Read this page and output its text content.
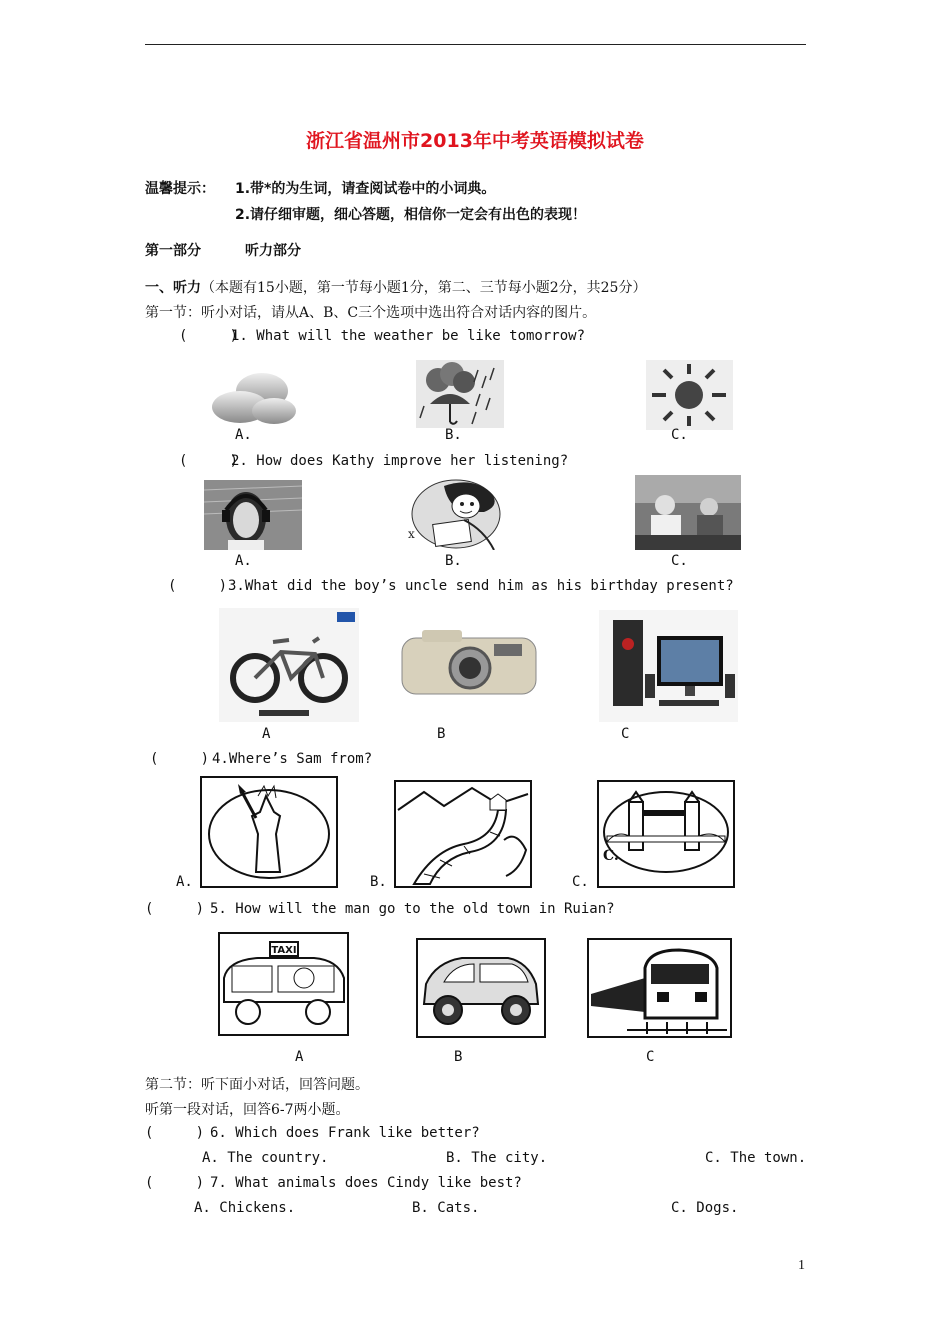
浙江省温州市2013年中考英语模拟试卷
温馨提示： 1.带*的为生词，请查阅试卷中的小词典。
2.请仔细审题，细心答题，相信你一定会有出色的表现！
第一部分	听力部分
一、听力（本题有15小题，第一节每小题1分，第二、三节每小题2分，共25分）
第一节：听小对话，请从A、B、C三个选项中选出符合对话内容的图片。
(     )
1. What will the weather be like tomorrow?
A.	B.	C.
(     )
2. How does Kathy improve her listening?
x
A.	B.	C.
(     ) 3.What did the boy’s uncle send him as his birthday present?
A	B	C
(     ) 4.Where’s Sam from?
A.	B.	C.
C.
(     ) 5. How will the man go to the old town in Ruian?
TAXI
A	B	C
第二节：听下面小对话，回答问题。
听第一段对话，回答6-7两小题。
(     ) 6. Which does Frank like better?
A. The country.	B. The city.	C. The town.
(     ) 7. What animals does Cindy like best?
A. Chickens.	B. Cats.	C. Dogs.
1
